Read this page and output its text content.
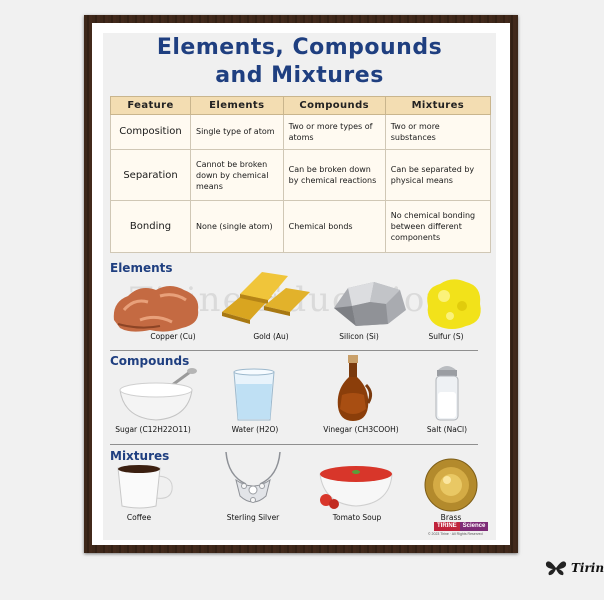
Elements, Compounds
and Mixtures
Feature	Elements	Compounds	Mixtures
Composition	Single type of atom	Two or more types of atoms	Two or more substances
Separation	Cannot be broken down by chemical means	Can be broken down by chemical reactions	Can be separated by physical means
Bonding	None (single atom)	Chemical bonds	No chemical bonding between different components
Elements
Copper (Cu)	Gold (Au)	Silicon (Si)	Sulfur (S)
Compounds
Sugar (C12H22O11)	Water (H2O)	Vinegar (CH3COOH)	Salt (NaCl)
Mixtures
Coffee	Sterling Silver	Tomato Soup	Brass
TIRINE	Science
© 2023 Tirine · All Rights Reserved
Tirin
